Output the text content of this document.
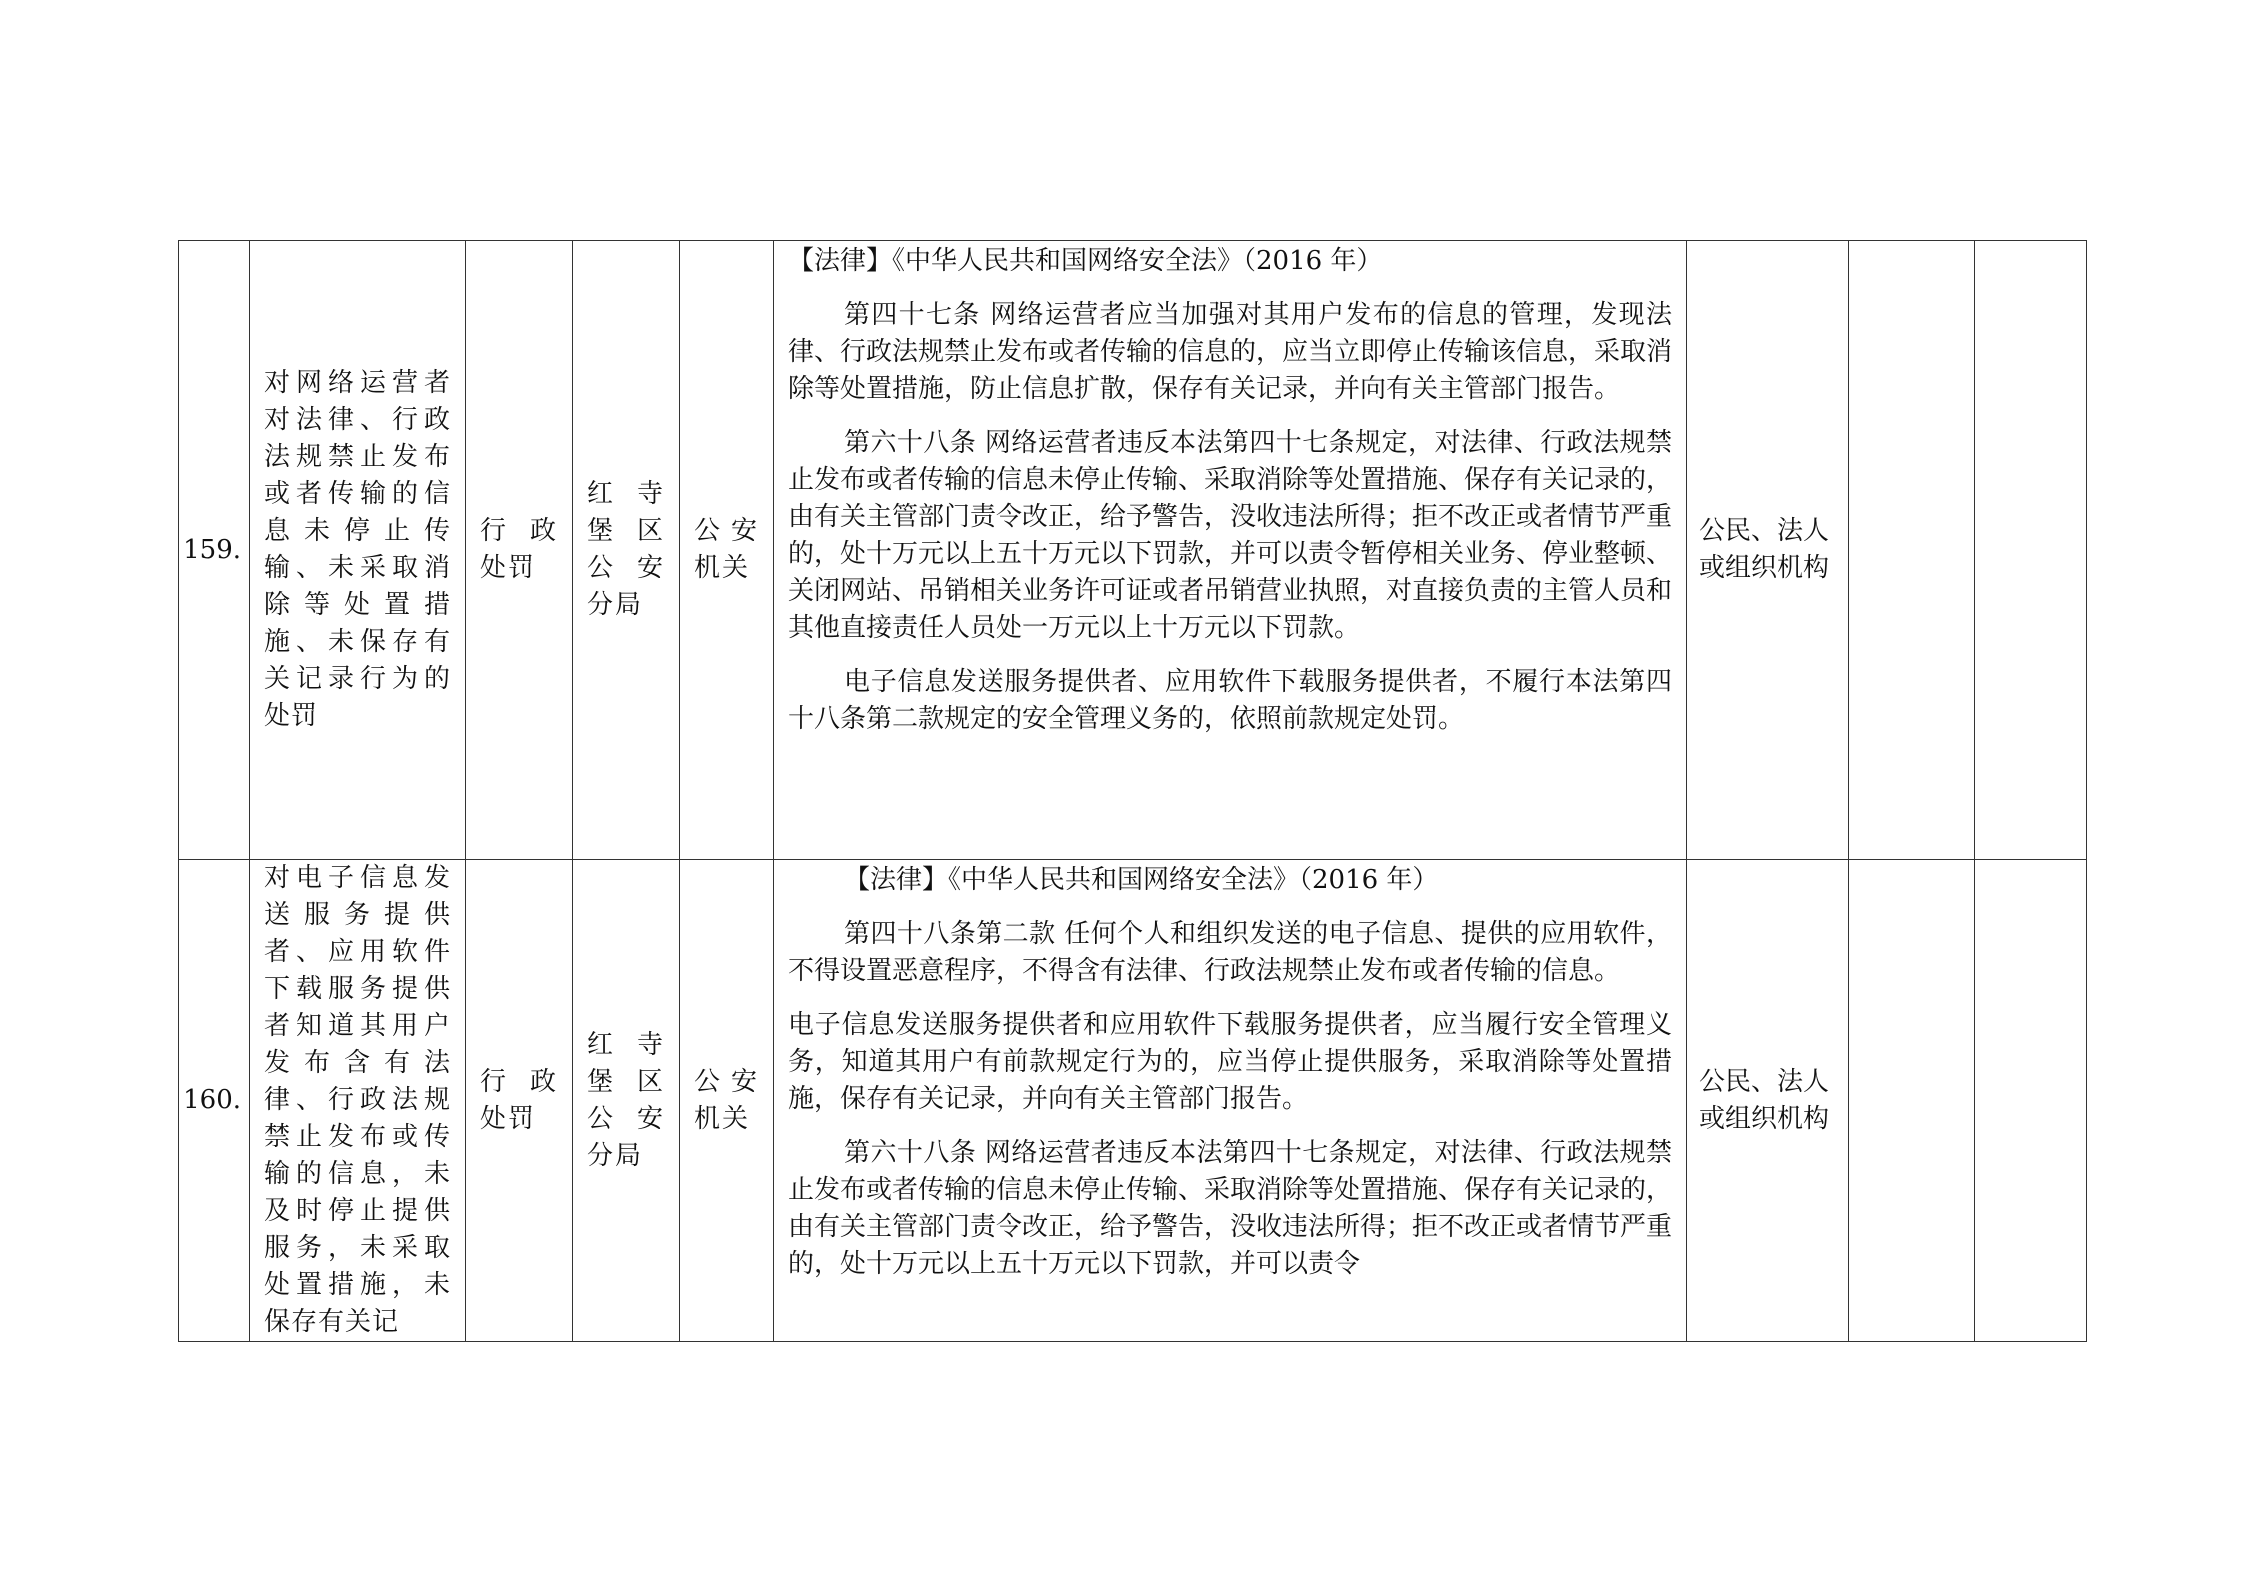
159.	对网络运营者对法律、行政法规禁止发布或者传输的信息未停止传输、未采取消除等处置措施、未保存有关记录行为的处罚	行政处罚	红寺堡区公安分局	公安机关	【法律】《中华人民共和国网络安全法》（2016 年）

第四十七条 网络运营者应当加强对其用户发布的信息的管理，发现法律、行政法规禁止发布或者传输的信息的，应当立即停止传输该信息，采取消除等处置措施，防止信息扩散，保存有关记录，并向有关主管部门报告。

第六十八条 网络运营者违反本法第四十七条规定，对法律、行政法规禁止发布或者传输的信息未停止传输、采取消除等处置措施、保存有关记录的，由有关主管部门责令改正，给予警告，没收违法所得；拒不改正或者情节严重的，处十万元以上五十万元以下罚款，并可以责令暂停相关业务、停业整顿、关闭网站、吊销相关业务许可证或者吊销营业执照，对直接负责的主管人员和其他直接责任人员处一万元以上十万元以下罚款。

电子信息发送服务提供者、应用软件下载服务提供者，不履行本法第四十八条第二款规定的安全管理义务的，依照前款规定处罚。	公民、法人或组织机构		
160.	对电子信息发送服务提供者、应用软件下载服务提供者知道其用户发布含有法律、行政法规禁止发布或传输的信息，未及时停止提供服务，未采取处置措施，未保存有关记	行政处罚	红寺堡区公安分局	公安机关	【法律】《中华人民共和国网络安全法》（2016 年）

第四十八条第二款 任何个人和组织发送的电子信息、提供的应用软件，不得设置恶意程序，不得含有法律、行政法规禁止发布或者传输的信息。

电子信息发送服务提供者和应用软件下载服务提供者，应当履行安全管理义务，知道其用户有前款规定行为的，应当停止提供服务，采取消除等处置措施，保存有关记录，并向有关主管部门报告。

第六十八条 网络运营者违反本法第四十七条规定，对法律、行政法规禁止发布或者传输的信息未停止传输、采取消除等处置措施、保存有关记录的，由有关主管部门责令改正，给予警告，没收违法所得；拒不改正或者情节严重的，处十万元以上五十万元以下罚款，并可以责令	公民、法人或组织机构		
